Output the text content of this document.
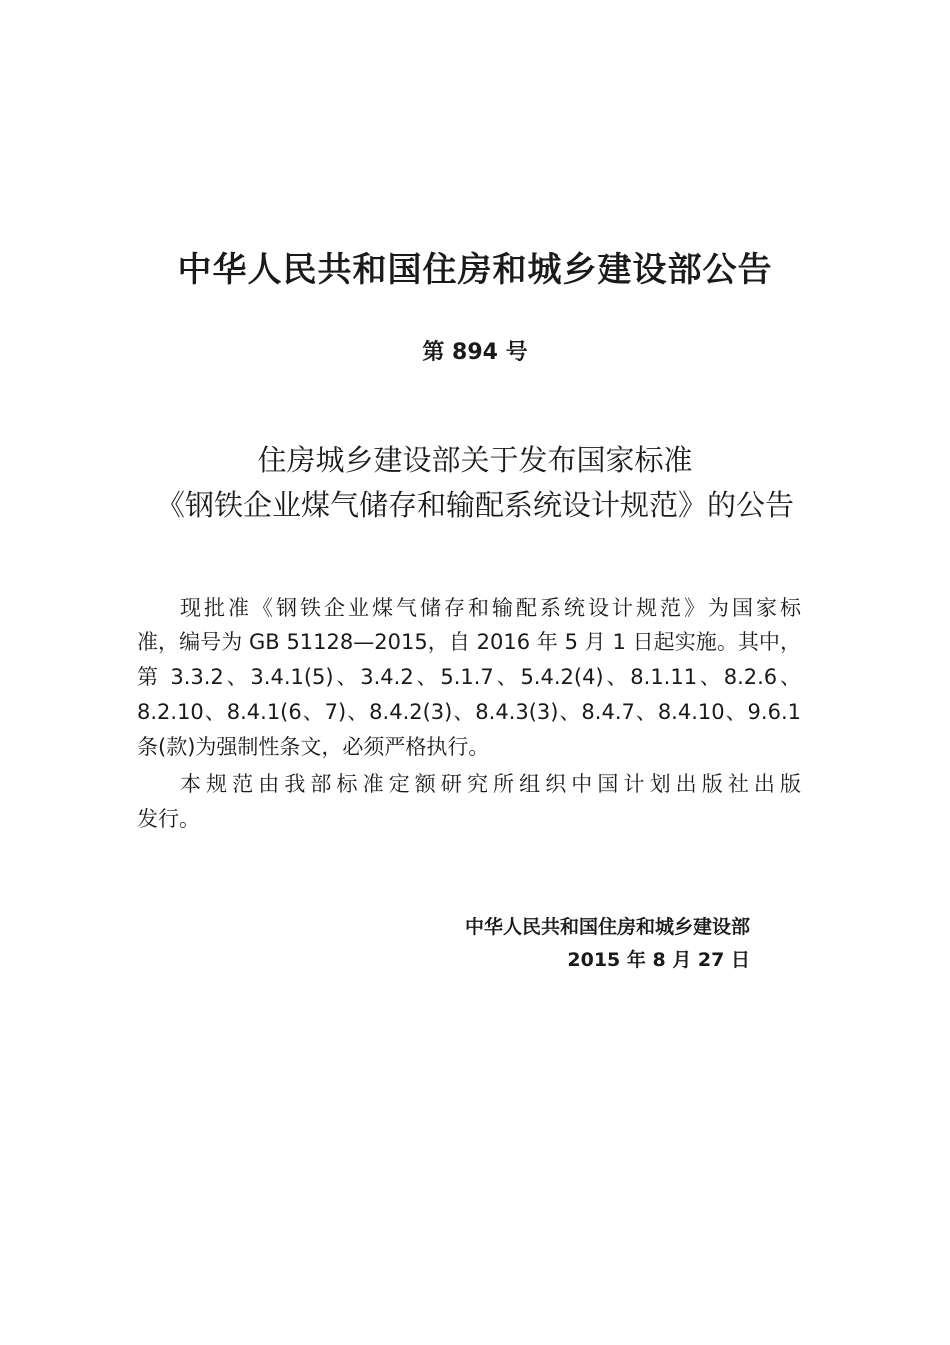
中华人民共和国住房和城乡建设部公告
第 894 号
住房城乡建设部关于发布国家标准
《钢铁企业煤气储存和输配系统设计规范》的公告
现批准《钢铁企业煤气储存和输配系统设计规范》为国家标
准，编号为 GB 51128—2015，自 2016 年 5 月 1 日起实施。其中，
第 3.3.2、3.4.1(5)、3.4.2、5.1.7、5.4.2(4)、8.1.11、8.2.6、
8.2.10、8.4.1(6、7)、8.4.2(3)、8.4.3(3)、8.4.7、8.4.10、9.6.1
条(款)为强制性条文，必须严格执行。
本规范由我部标准定额研究所组织中国计划出版社出版
发行。
中华人民共和国住房和城乡建设部
2015 年 8 月 27 日
